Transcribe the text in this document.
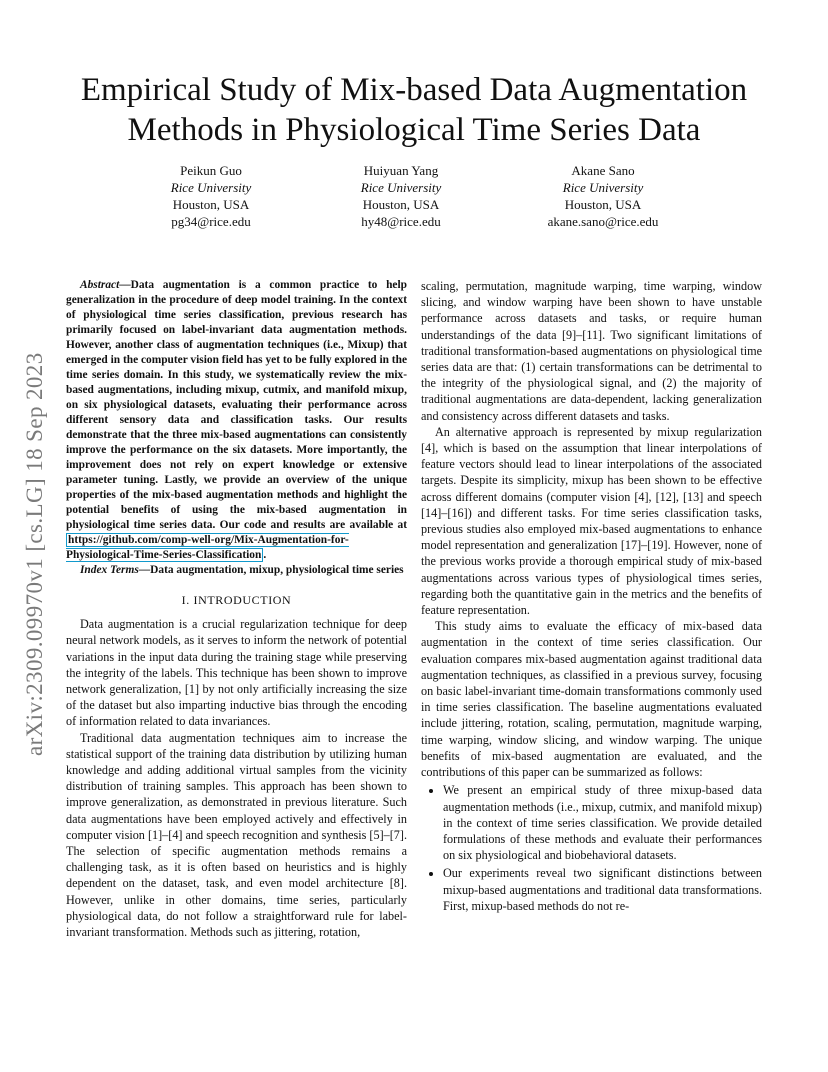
arXiv:2309.09970v1 [cs.LG] 18 Sep 2023
Empirical Study of Mix-based Data Augmentation Methods in Physiological Time Series Data
Peikun Guo
Rice University
Houston, USA
pg34@rice.edu
Huiyuan Yang
Rice University
Houston, USA
hy48@rice.edu
Akane Sano
Rice University
Houston, USA
akane.sano@rice.edu

Abstract—Data augmentation is a common practice to help generalization in the procedure of deep model training. In the context of physiological time series classification, previous research has primarily focused on label-invariant data augmentation methods. However, another class of augmentation techniques (i.e., Mixup) that emerged in the computer vision field has yet to be fully explored in the time series domain. In this study, we systematically review the mix-based augmentations, including mixup, cutmix, and manifold mixup, on six physiological datasets, evaluating their performance across different sensory data and classification tasks. Our results demonstrate that the three mix-based augmentations can consistently improve the performance on the six datasets. More importantly, the improvement does not rely on expert knowledge or extensive parameter tuning. Lastly, we provide an overview of the unique properties of the mix-based augmentation methods and highlight the potential benefits of using the mix-based augmentation in physiological time series data. Our code and results are available at https://github.com/comp-well-org/Mix-Augmentation-for-Physiological-Time-Series-Classification .

Index Terms—Data augmentation, mixup, physiological time series

I. INTRODUCTION

Data augmentation is a crucial regularization technique for deep neural network models, as it serves to inform the network of potential variations in the input data during the training stage while preserving the integrity of the labels. This technique has been shown to improve network generalization, [1] by not only artificially increasing the size of the dataset but also imparting inductive bias through the encoding of information related to data invariances.

Traditional data augmentation techniques aim to increase the statistical support of the training data distribution by utilizing human knowledge and adding additional virtual samples from the vicinity distribution of training samples. This approach has been shown to improve generalization, as demonstrated in previous literature. Such data augmentations have been employed actively and effectively in computer vision [1]–[4] and speech recognition and synthesis [5]–[7]. The selection of specific augmentation methods remains a challenging task, as it is often based on heuristics and is highly dependent on the dataset, task, and even model architecture [8]. However, unlike in other domains, time series, particularly physiological data, do not follow a straightforward rule for label-invariant transformation. Methods such as jittering, rotation,

scaling, permutation, magnitude warping, time warping, window slicing, and window warping have been shown to have unstable performance across datasets and tasks, or require human understandings of the data [9]–[11]. Two significant limitations of traditional transformation-based augmentations on physiological time series data are that: (1) certain transformations can be detrimental to the integrity of the physiological signal, and (2) the majority of traditional augmentations are data-dependent, lacking generalization and consistency across different datasets and tasks.

An alternative approach is represented by mixup regularization [4], which is based on the assumption that linear interpolations of feature vectors should lead to linear interpolations of the associated targets. Despite its simplicity, mixup has been shown to be effective across different domains (computer vision [4], [12], [13] and speech [14]–[16]) and different tasks. For time series classification tasks, previous studies also employed mix-based augmentations to enhance model representation and generalization [17]–[19]. However, none of the previous works provide a thorough empirical study of mix-based augmentations across various types of physiological times series, regarding both the quantitative gain in the metrics and the benefits of feature representation.

This study aims to evaluate the efficacy of mix-based data augmentation in the context of time series classification. Our evaluation compares mix-based augmentation against traditional data augmentation techniques, as classified in a previous survey, focusing on basic label-invariant time-domain transformations commonly used in time series classification. The baseline augmentations evaluated include jittering, rotation, scaling, permutation, magnitude warping, time warping, window slicing, and window warping. The unique benefits of mix-based augmentation are evaluated, and the contributions of this paper can be summarized as follows:

• We present an empirical study of three mixup-based data augmentation methods (i.e., mixup, cutmix, and manifold mixup) in the context of time series classification. We provide detailed formulations of these methods and evaluate their performances on six physiological and biobehavioral datasets.
• Our experiments reveal two significant distinctions between mixup-based augmentations and traditional data transformations. First, mixup-based methods do not re-
